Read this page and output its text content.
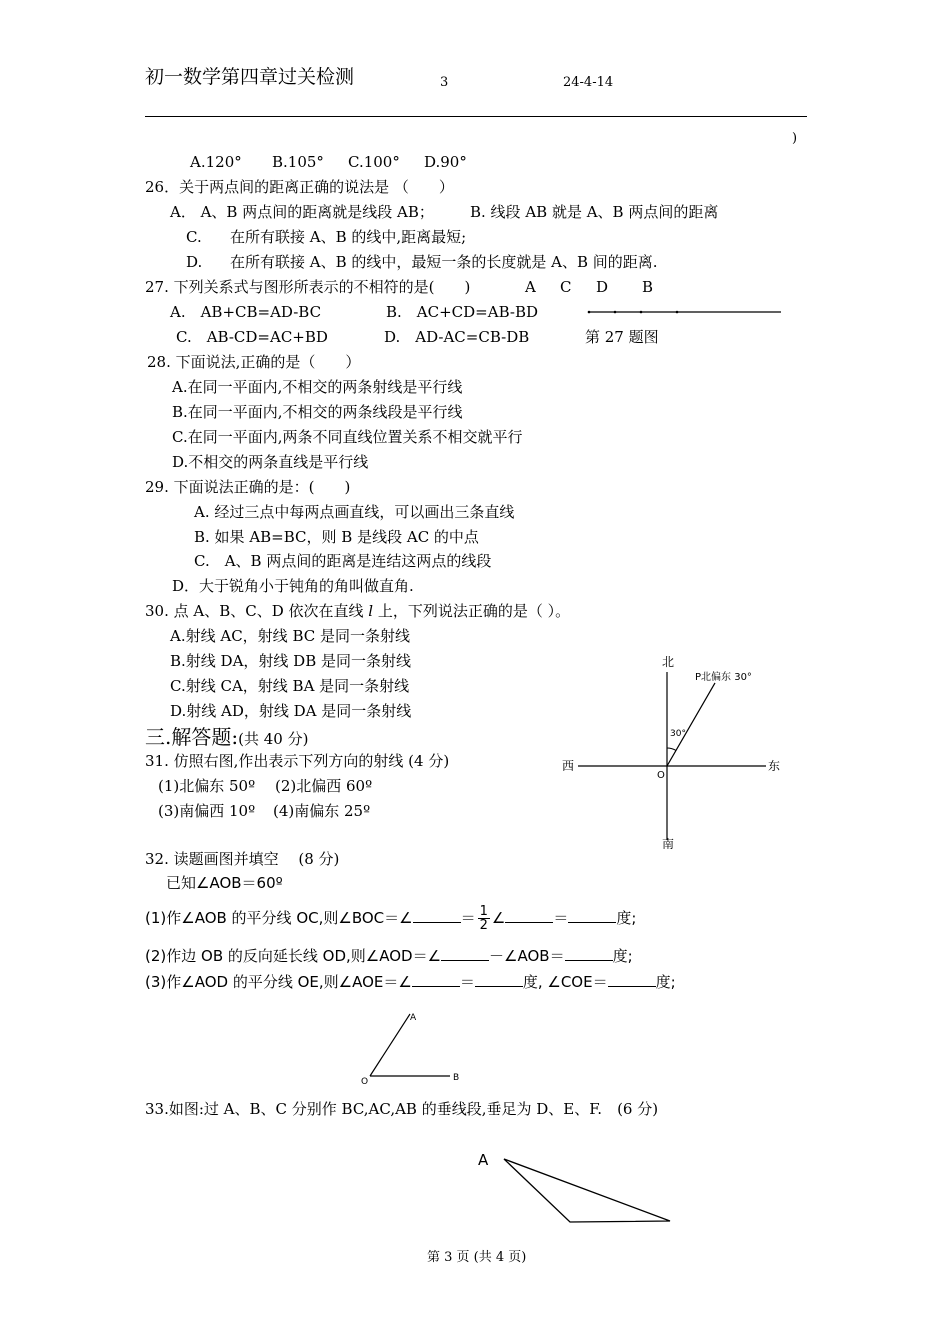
初一数学第四章过关检测	3	24-4-14
)
A.120° B.105° C.100° D.90°
26．关于两点间的距离正确的说法是 （　　）
A． A、B 两点间的距离就是线段 AB； B. 线段 AB 就是 A、B 两点间的距离
C. 在所有联接 A、B 的线中,距离最短;
D. 在所有联接 A、B 的线中，最短一条的长度就是 A、B 间的距离.
27. 下列关系式与图形所表示的不相符的是(　　)	A C D B
A.　AB+CB=AD-BC	B.　AC+CD=AB-BD
C.　AB-CD=AC+BD	D.　AD-AC=CB-DB	第 27 题图
28. 下面说法,正确的是（　　）
A.在同一平面内,不相交的两条射线是平行线
B.在同一平面内,不相交的两条线段是平行线
C.在同一平面内,两条不同直线位置关系不相交就平行
D.不相交的两条直线是平行线
29. 下面说法正确的是：(　　)
A. 经过三点中每两点画直线，可以画出三条直线
B. 如果 AB=BC，则 B 是线段 AC 的中点
C.　A、B 两点间的距离是连结这两点的线段
D．大于锐角小于钝角的角叫做直角.
30. 点 A、B、C、D 依次在直线 l 上，下列说法正确的是（ ）。
A.射线 AC，射线 BC 是同一条射线
B.射线 DA，射线 DB 是同一条射线
C.射线 CA，射线 BA 是同一条射线
D.射线 AD，射线 DA 是同一条射线
北
南
西	东
O
P北偏东 30°
30°
三.解答题:(共 40 分)
31. 仿照右图,作出表示下列方向的射线 (4 分)
(1)北偏东 50º (2)北偏西 60º
(3)南偏西 10º (4)南偏东 25º
32. 读题画图并填空　 (8 分)
已知∠AOB＝60º
(1)作∠AOB 的平分线 OC,则∠BOC＝∠	＝ $\frac{1}{2}$ ∠	＝	度;
(2)作边 OB 的反向延长线 OD,则∠AOD＝∠	－∠AOB＝	度;
(3)作∠AOD 的平分线 OE,则∠AOE＝∠	＝	度, ∠COE＝	度;
A
O	B
33.如图:过 A、B、C 分别作 BC,AC,AB 的垂线段,垂足为 D、E、F.　(6 分)
A
第 3 页 (共 4 页)
